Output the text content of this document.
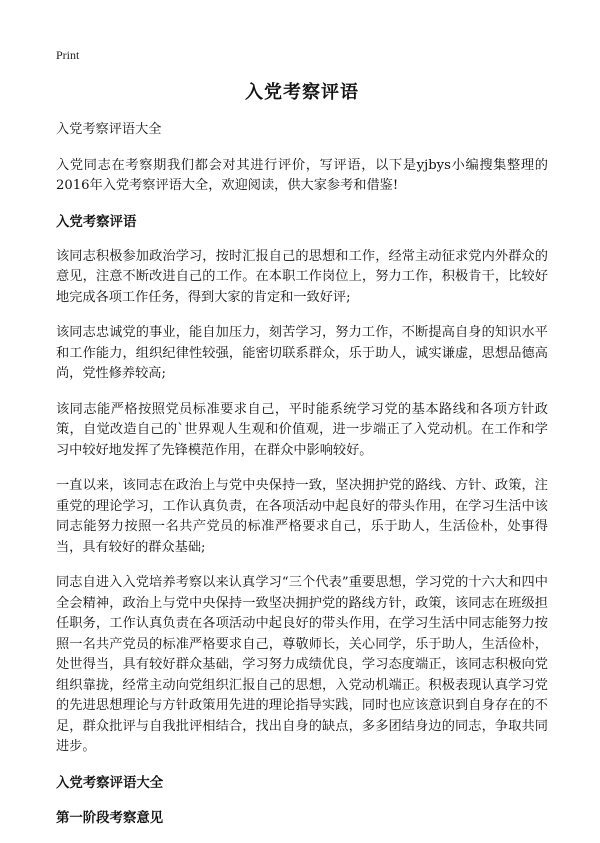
Print
入党考察评语

入党考察评语大全

入党同志在考察期我们都会对其进行评价，写评语，以下是yjbys小编搜集整理的2016年入党考察评语大全，欢迎阅读，供大家参考和借鉴!

入党考察评语

该同志积极参加政治学习，按时汇报自己的思想和工作，经常主动征求党内外群众的意见，注意不断改进自己的工作。在本职工作岗位上，努力工作，积极肯干，比较好地完成各项工作任务，得到大家的肯定和一致好评;

该同志忠诚党的事业，能自加压力，刻苦学习，努力工作，不断提高自身的知识水平和工作能力，组织纪律性较强，能密切联系群众，乐于助人，诚实谦虚，思想品德高尚，党性修养较高;

该同志能严格按照党员标准要求自己，平时能系统学习党的基本路线和各项方针政策，自觉改造自己的`世界观人生观和价值观，进一步端正了入党动机。在工作和学习中较好地发挥了先锋模范作用，在群众中影响较好。

一直以来，该同志在政治上与党中央保持一致，坚决拥护党的路线、方针、政策，注重党的理论学习，工作认真负责，在各项活动中起良好的带头作用，在学习生活中该同志能努力按照一名共产党员的标准严格要求自己，乐于助人，生活俭朴，处事得当，具有较好的群众基础;

同志自进入入党培养考察以来认真学习“三个代表”重要思想，学习党的十六大和四中全会精神，政治上与党中央保持一致坚决拥护党的路线方针，政策，该同志在班级担任职务，工作认真负责在各项活动中起良好的带头作用，在学习生活中同志能努力按照一名共产党员的标准严格要求自己，尊敬师长，关心同学，乐于助人，生活俭朴，处世得当，具有较好群众基础，学习努力成绩优良，学习态度端正，该同志积极向党组织靠拢，经常主动向党组织汇报自己的思想，入党动机端正。积极表现认真学习党的先进思想理论与方针政策用先进的理论指导实践，同时也应该意识到自身存在的不足，群众批评与自我批评相结合，找出自身的缺点，多多团结身边的同志，争取共同进步。

入党考察评语大全
第一阶段考察意见
